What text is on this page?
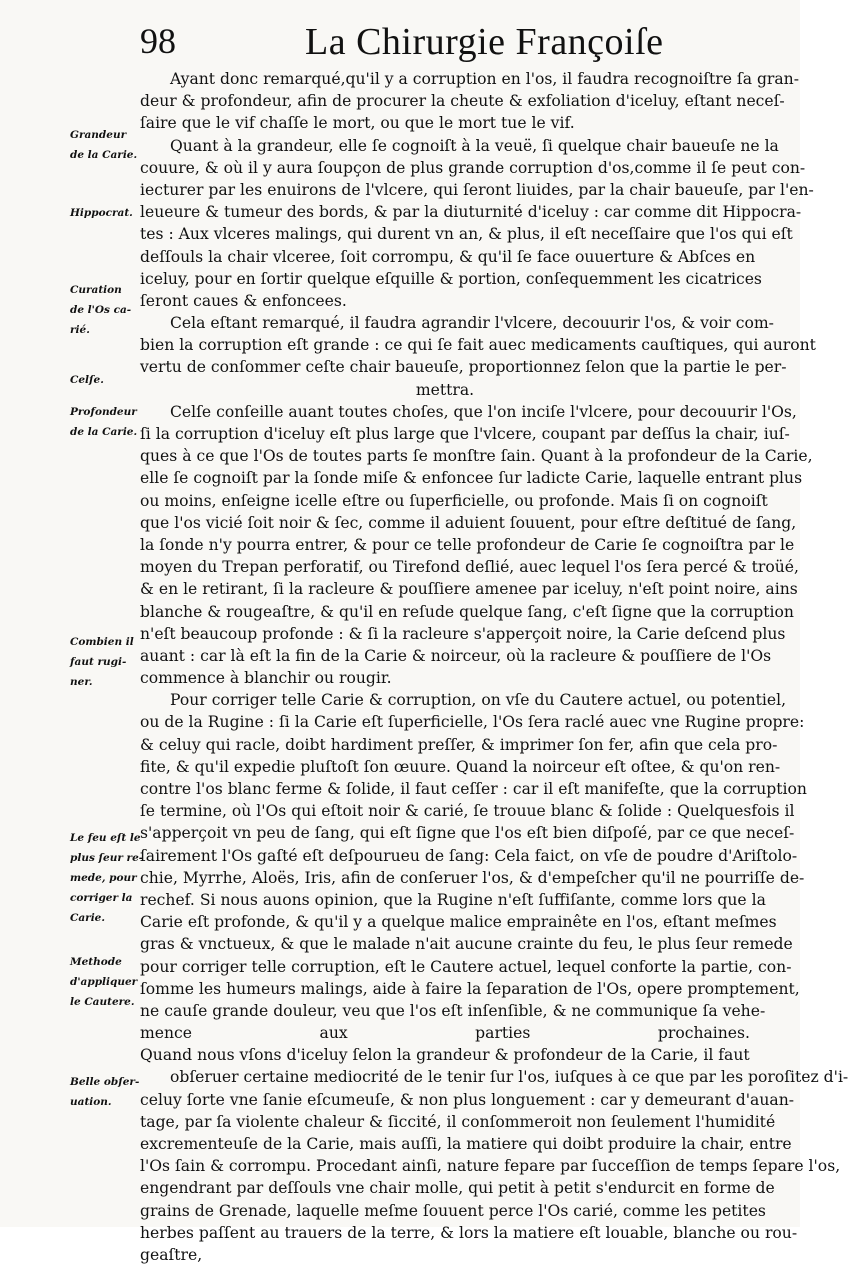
98	La Chirurgie Françoiſe
Ayant donc remarqué,qu'il y a corruption en l'os, il faudra recognoiſtre ſa gran-
deur & profondeur, afin de procurer la cheute & exfoliation d'iceluy, eſtant neceſ-
ſaire que le vif chaſſe le mort, ou que le mort tue le vif.
Quant à la grandeur, elle ſe cognoiſt à la veuë, ſi quelque chair baueuſe ne la
couure, & où il y aura ſoupçon de plus grande corruption d'os,comme il ſe peut con-
iecturer par les enuirons de l'vlcere, qui ſeront liuides, par la chair baueuſe, par l'en-
leueure & tumeur des bords, & par la diuturnité d'iceluy : car comme dit Hippocra-
tes : Aux vlceres malings, qui durent vn an, & plus, il eſt neceſſaire que l'os qui eſt
deſſouls la chair vlceree, ſoit corrompu, & qu'il ſe face ouuerture & Abſces en
iceluy, pour en ſortir quelque eſquille & portion, conſequemment les cicatrices
ſeront caues & enfoncees.
Cela eſtant remarqué, il faudra agrandir l'vlcere, decouurir l'os, & voir com-
bien la corruption eſt grande : ce qui ſe fait auec medicaments cauſtiques, qui auront
vertu de conſommer ceſte chair baueuſe, proportionnez ſelon que la partie le per-
mettra.
Celſe conſeille auant toutes choſes, que l'on inciſe l'vlcere, pour decouurir l'Os,
ſi la corruption d'iceluy eſt plus large que l'vlcere, coupant par deſſus la chair, iuſ-
ques à ce que l'Os de toutes parts ſe monſtre ſain. Quant à la profondeur de la Carie,
elle ſe cognoiſt par la ſonde miſe & enfoncee ſur ladicte Carie, laquelle entrant plus
ou moins, enſeigne icelle eſtre ou ſuperficielle, ou profonde. Mais ſi on cognoiſt
que l'os vicié ſoit noir & ſec, comme il aduient ſouuent, pour eſtre deſtitué de ſang,
la ſonde n'y pourra entrer, & pour ce telle profondeur de Carie ſe cognoiſtra par le
moyen du Trepan perforatif, ou Tirefond deſlié, auec lequel l'os ſera percé & troüé,
& en le retirant, ſi la racleure & pouſſiere amenee par iceluy, n'eſt point noire, ains
blanche & rougeaſtre, & qu'il en reſude quelque ſang, c'eſt ſigne que la corruption
n'eſt beaucoup profonde : & ſi la racleure s'apperçoit noire, la Carie deſcend plus
auant : car là eſt la fin de la Carie & noirceur, où la racleure & pouſſiere de l'Os
commence à blanchir ou rougir.
Pour corriger telle Carie & corruption, on vſe du Cautere actuel, ou potentiel,
ou de la Rugine : ſi la Carie eſt ſuperficielle, l'Os ſera raclé auec vne Rugine propre:
& celuy qui racle, doibt hardiment preſſer, & imprimer ſon fer, afin que cela pro-
fite, & qu'il expedie pluſtoſt ſon œuure. Quand la noirceur eſt oſtee, & qu'on ren-
contre l'os blanc ferme & ſolide, il faut ceſſer : car il eſt manifeſte, que la corruption
ſe termine, où l'Os qui eſtoit noir & carié, ſe trouue blanc & ſolide : Quelquesfois il
s'apperçoit vn peu de ſang, qui eſt ſigne que l'os eſt bien diſpoſé, par ce que neceſ-
ſairement l'Os gaſté eſt deſpourueu de ſang: Cela faict, on vſe de poudre d'Ariſtolo-
chie, Myrrhe, Aloës, Iris, afin de conſeruer l'os, & d'empeſcher qu'il ne pourriſſe de-
rechef. Si nous auons opinion, que la Rugine n'eſt ſuffiſante, comme lors que la
Carie eſt profonde, & qu'il y a quelque malice emprainête en l'os, eſtant meſmes
gras & vnctueux, & que le malade n'ait aucune crainte du feu, le plus ſeur remede
pour corriger telle corruption, eſt le Cautere actuel, lequel conforte la partie, con-
ſomme les humeurs malings, aide à faire la ſeparation de l'Os, opere promptement,
ne cauſe grande douleur, veu que l'os eſt inſenſible, & ne communique ſa vehe-
mence aux parties prochaines.
Quand nous vſons d'iceluy ſelon la grandeur & profondeur de la Carie, il faut
obſeruer certaine mediocrité de le tenir ſur l'os, iuſques à ce que par les poroſitez d'i-
celuy ſorte vne ſanie eſcumeuſe, & non plus longuement : car y demeurant d'auan-
tage, par ſa violente chaleur & ſiccité, il conſommeroit non ſeulement l'humidité
excrementeuſe de la Carie, mais auſſi, la matiere qui doibt produire la chair, entre
l'Os ſain & corrompu. Procedant ainſi, nature fepare par ſucceſſion de temps ſepare l'os,
engendrant par deſſouls vne chair molle, qui petit à petit s'endurcit en forme de
grains de Grenade, laquelle meſme ſouuent perce l'Os carié, comme les petites
herbes paſſent au trauers de la terre, & lors la matiere eſt louable, blanche ou rou-
geaſtre,
Grandeur
de la Carie.
Hippocrat.
Curation
de l'Os ca-
rié.
Celſe.
Profondeur
de la Carie.
Combien il
faut rugi-
ner.
Le feu eſt le
plus ſeur re-
mede, pour
corriger la
Carie.
Methode
d'appliquer
le Cautere.
Belle obſer-
uation.
